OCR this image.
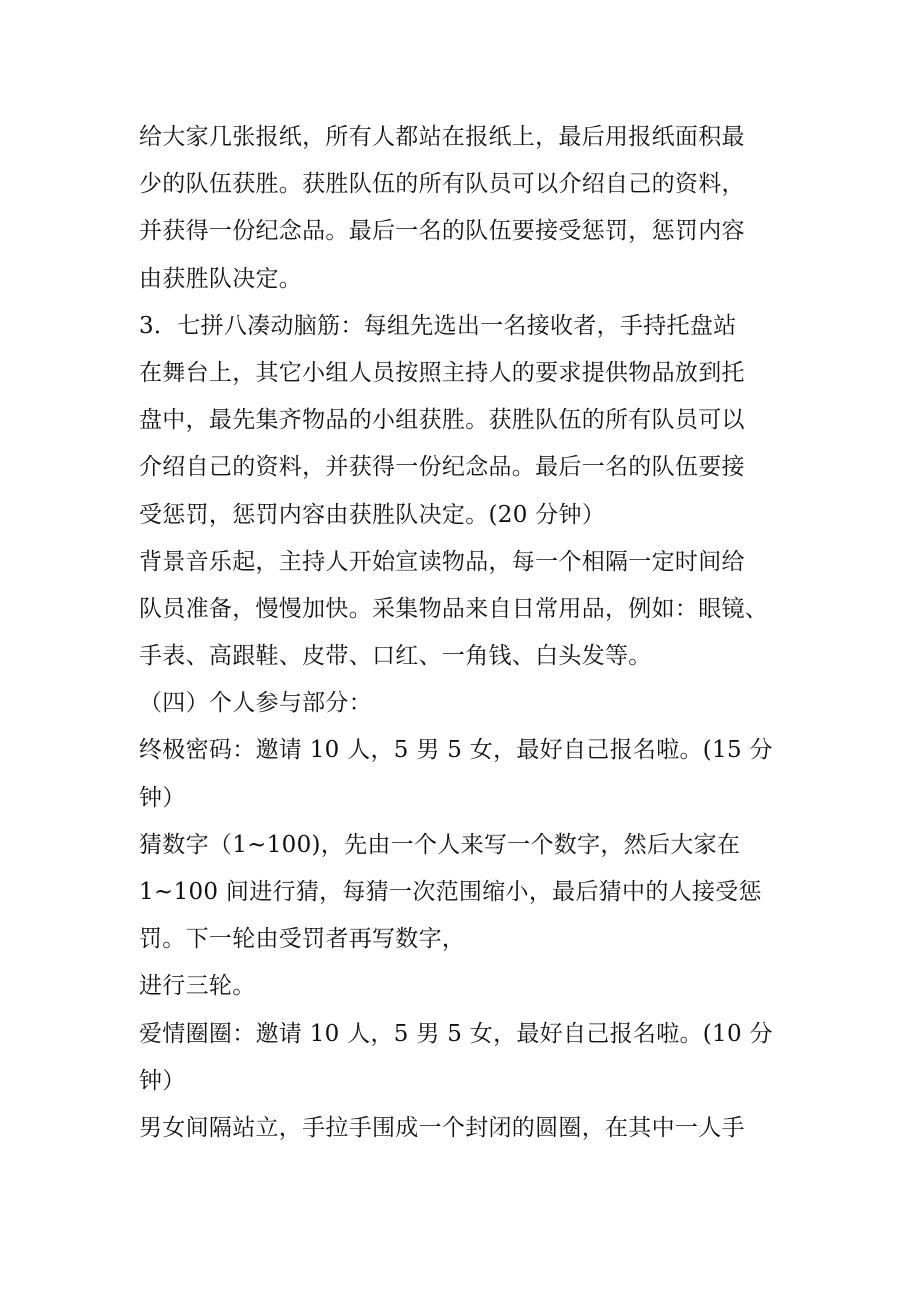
给大家几张报纸，所有人都站在报纸上，最后用报纸面积最
少的队伍获胜。获胜队伍的所有队员可以介绍自己的资料，
并获得一份纪念品。最后一名的队伍要接受惩罚，惩罚内容
由获胜队决定。
3．七拼八凑动脑筋：每组先选出一名接收者，手持托盘站
在舞台上，其它小组人员按照主持人的要求提供物品放到托
盘中，最先集齐物品的小组获胜。获胜队伍的所有队员可以
介绍自己的资料，并获得一份纪念品。最后一名的队伍要接
受惩罚，惩罚内容由获胜队决定。(20 分钟）
背景音乐起，主持人开始宣读物品，每一个相隔一定时间给
队员准备，慢慢加快。采集物品来自日常用品，例如：眼镜、
手表、高跟鞋、皮带、口红、一角钱、白头发等。
（四）个人参与部分：
终极密码：邀请 10 人，5 男 5 女，最好自己报名啦。(15 分
钟）
猜数字（1~100)，先由一个人来写一个数字，然后大家在
1~100 间进行猜，每猜一次范围缩小，最后猜中的人接受惩
罚。下一轮由受罚者再写数字，
进行三轮。
爱情圈圈：邀请 10 人，5 男 5 女，最好自己报名啦。(10 分
钟）
男女间隔站立，手拉手围成一个封闭的圆圈，在其中一人手
